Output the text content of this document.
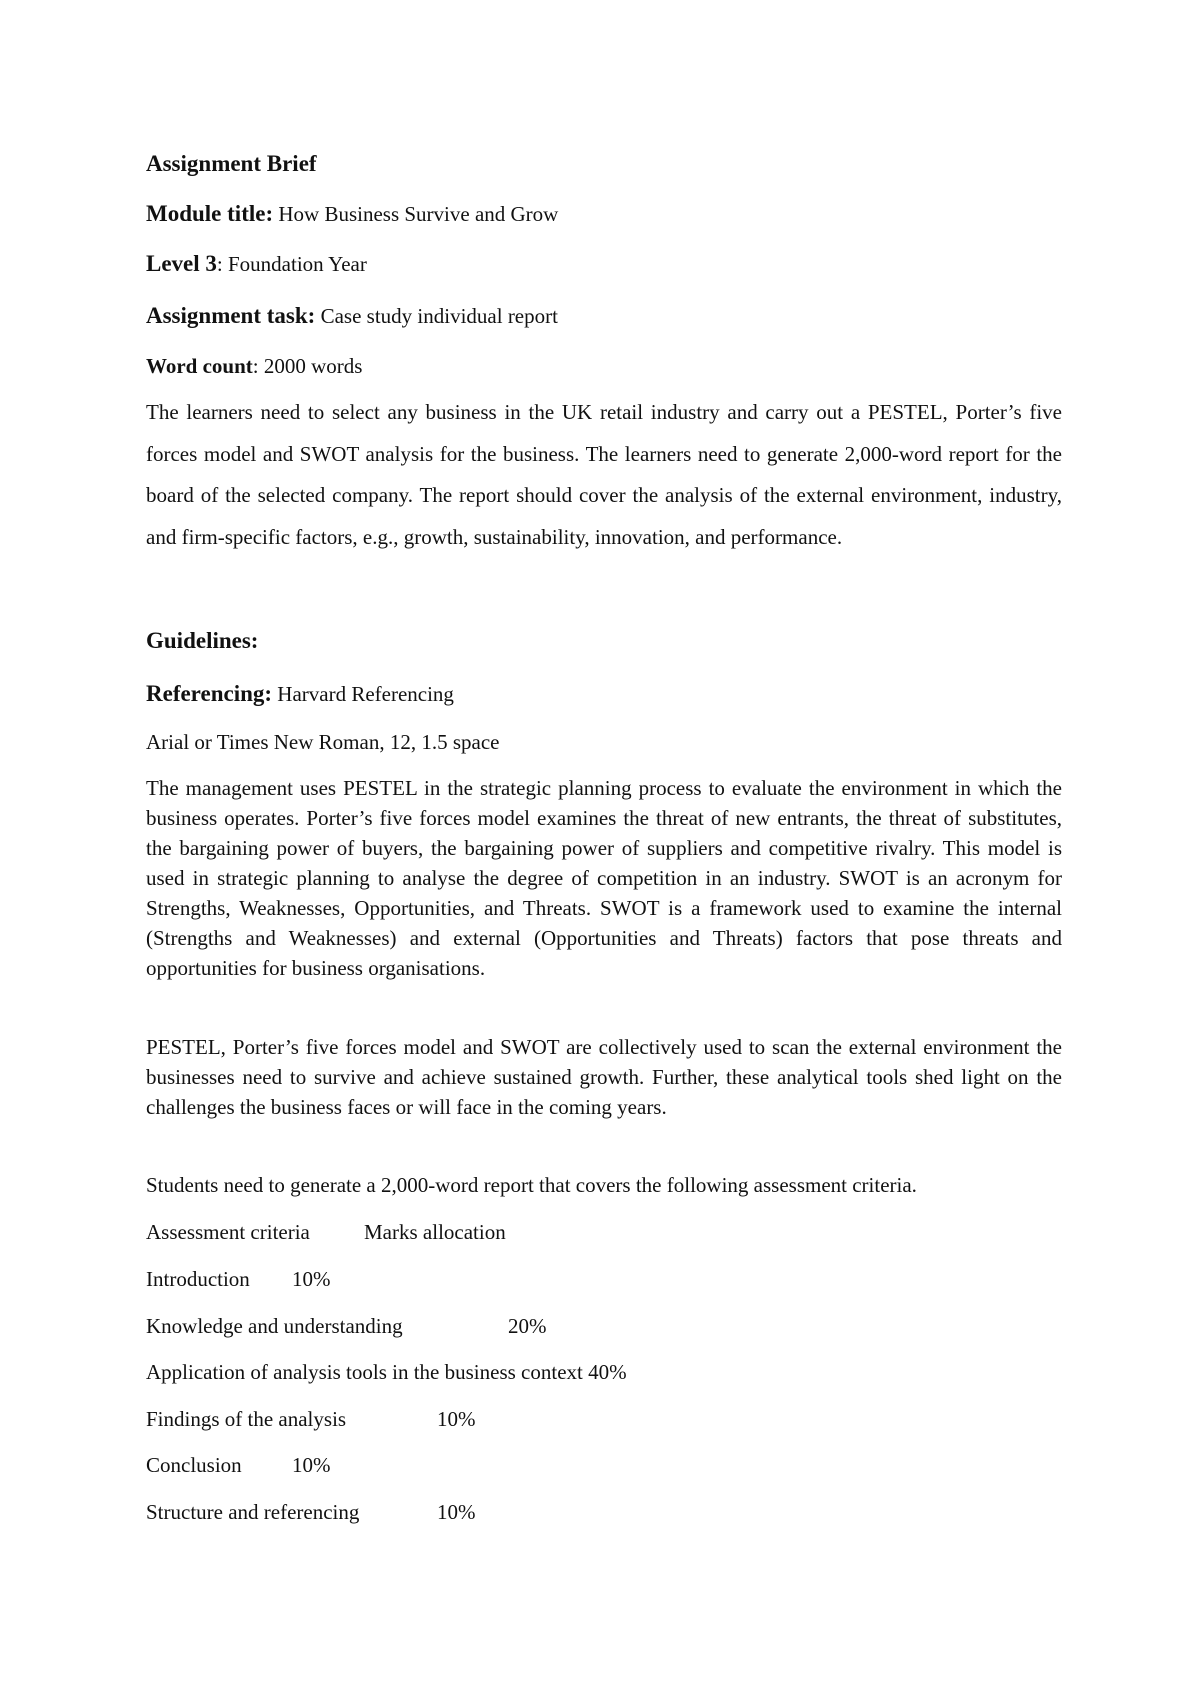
Assignment Brief
Module title: How Business Survive and Grow
Level 3: Foundation Year
Assignment task: Case study individual report
Word count: 2000 words
The learners need to select any business in the UK retail industry and carry out a PESTEL, Porter’s five forces model and SWOT analysis for the business. The learners need to generate 2,000-word report for the board of the selected company. The report should cover the analysis of the external environment, industry, and firm-specific factors, e.g., growth, sustainability, innovation, and performance.
Guidelines:
Referencing: Harvard Referencing
Arial or Times New Roman, 12, 1.5 space
The management uses PESTEL in the strategic planning process to evaluate the environment in which the business operates. Porter’s five forces model examines the threat of new entrants, the threat of substitutes, the bargaining power of buyers, the bargaining power of suppliers and competitive rivalry. This model is used in strategic planning to analyse the degree of competition in an industry. SWOT is an acronym for Strengths, Weaknesses, Opportunities, and Threats. SWOT is a framework used to examine the internal (Strengths and Weaknesses) and external (Opportunities and Threats) factors that pose threats and opportunities for business organisations.
PESTEL, Porter’s five forces model and SWOT are collectively used to scan the external environment the businesses need to survive and achieve sustained growth. Further, these analytical tools shed light on the challenges the business faces or will face in the coming years.
Students need to generate a 2,000-word report that covers the following assessment criteria.
Assessment criteria	Marks allocation
Introduction 10%
Knowledge and understanding	20%
Application of analysis tools in the business context 40%
Findings of the analysis	10%
Conclusion 10%
Structure and referencing	10%
